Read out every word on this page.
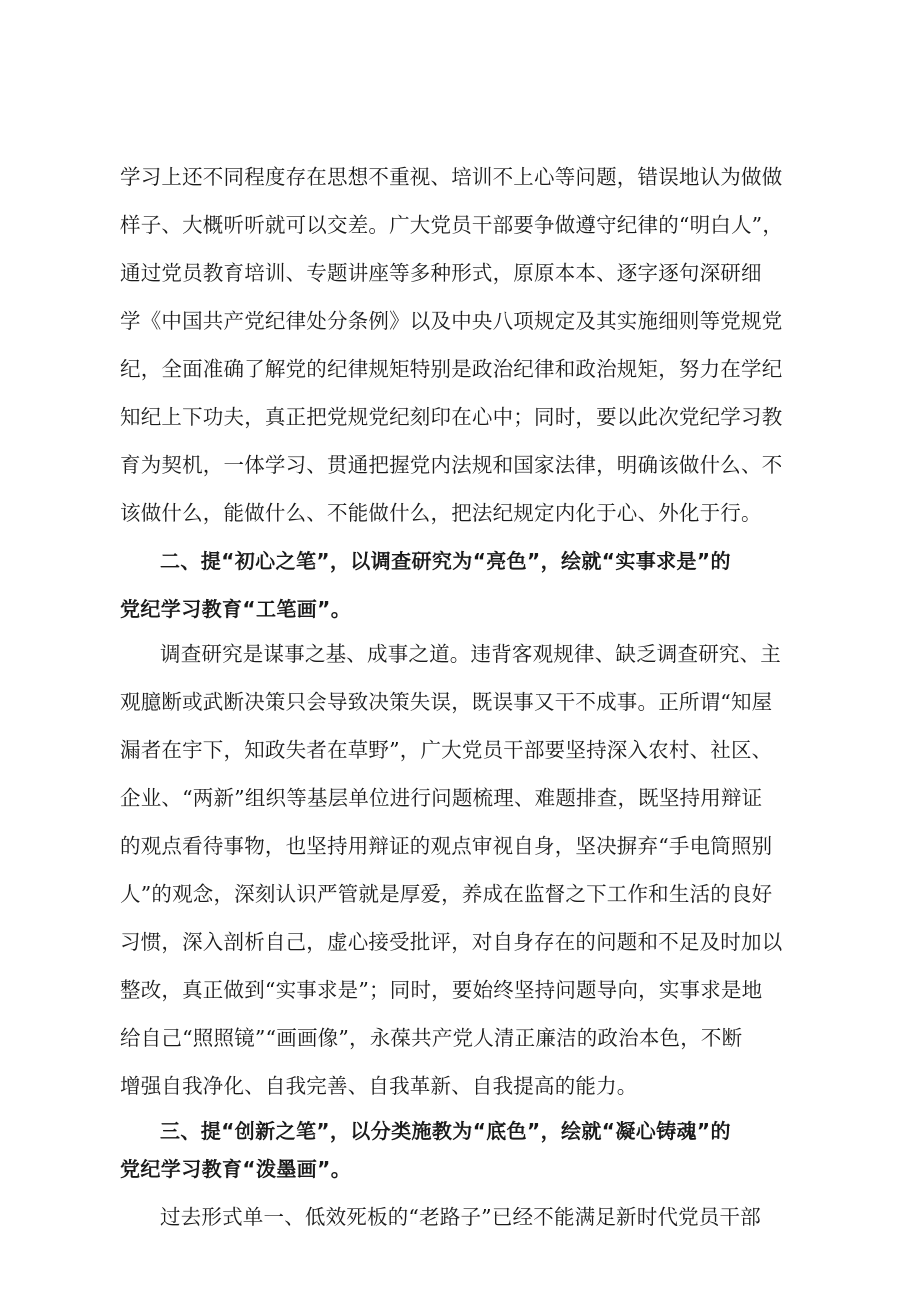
学习上还不同程度存在思想不重视、培训不上心等问题，错误地认为做做
样子、大概听听就可以交差。广大党员干部要争做遵守纪律的“明白人”，
通过党员教育培训、专题讲座等多种形式，原原本本、逐字逐句深研细
学《中国共产党纪律处分条例》以及中央八项规定及其实施细则等党规党
纪，全面准确了解党的纪律规矩特别是政治纪律和政治规矩，努力在学纪
知纪上下功夫，真正把党规党纪刻印在心中；同时，要以此次党纪学习教
育为契机，一体学习、贯通把握党内法规和国家法律，明确该做什么、不
该做什么，能做什么、不能做什么，把法纪规定内化于心、外化于行。
二、提“初心之笔”，以调查研究为“亮色”，绘就“实事求是”的
党纪学习教育“工笔画”。
调查研究是谋事之基、成事之道。违背客观规律、缺乏调查研究、主
观臆断或武断决策只会导致决策失误，既误事又干不成事。正所谓“知屋
漏者在宇下，知政失者在草野”，广大党员干部要坚持深入农村、社区、
企业、“两新”组织等基层单位进行问题梳理、难题排查，既坚持用辩证
的观点看待事物，也坚持用辩证的观点审视自身，坚决摒弃“手电筒照别
人”的观念，深刻认识严管就是厚爱，养成在监督之下工作和生活的良好
习惯，深入剖析自己，虚心接受批评，对自身存在的问题和不足及时加以
整改，真正做到“实事求是”；同时，要始终坚持问题导向，实事求是地
给自己“照照镜”“画画像”，永葆共产党人清正廉洁的政治本色，不断
增强自我净化、自我完善、自我革新、自我提高的能力。
三、提“创新之笔”，以分类施教为“底色”，绘就“凝心铸魂”的
党纪学习教育“泼墨画”。
过去形式单一、低效死板的“老路子”已经不能满足新时代党员干部
